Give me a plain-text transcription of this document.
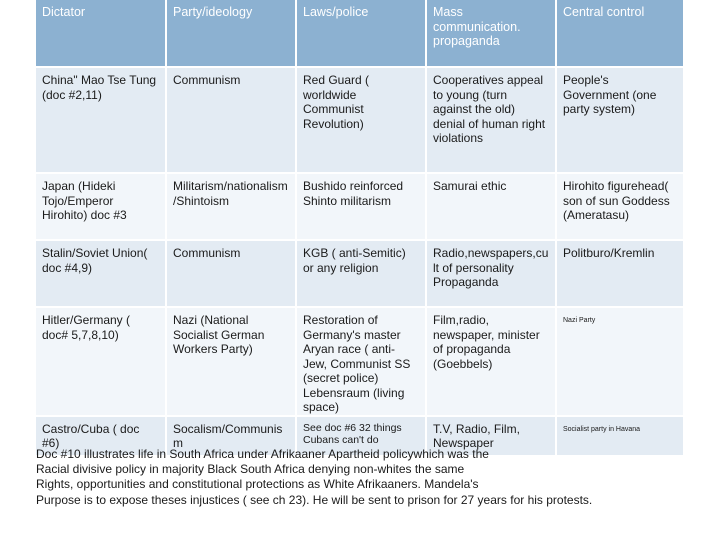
Dictator	Party/ideology	Laws/police	Mass communication. propaganda	Central control
China" Mao Tse Tung (doc #2,11)	Communism	Red Guard ( worldwide Communist Revolution)	Cooperatives appeal to young (turn against the old) denial of human right violations	People's Government (one party system)
Japan (Hideki Tojo/Emperor Hirohito) doc #3	Militarism/nationalism /Shintoism	Bushido reinforced Shinto militarism	Samurai ethic	Hirohito figurehead( son of sun Goddess (Ameratasu)
Stalin/Soviet Union( doc #4,9)	Communism	KGB ( anti-Semitic) or any religion	Radio,newspapers,cu lt of personality Propaganda	Politburo/Kremlin
Hitler/Germany ( doc# 5,7,8,10)	Nazi (National Socialist German Workers Party)	Restoration of Germany's master Aryan race ( anti-Jew, Communist SS (secret police) Lebensraum (living space)	Film,radio, newspaper, minister of propaganda (Goebbels)	Nazi Party
Castro/Cuba ( doc #6)	Socalism/Communis m	See doc #6 32 things Cubans can't do	T.V, Radio, Film, Newspaper	Socialist party in Havana
Doc #10 illustrates life in South Africa under Afrikaaner Apartheid policywhich was the
Racial divisive policy in majority Black South Africa denying non-whites the same
Rights, opportunities and constitutional protections as White Afrikaaners. Mandela's
Purpose is to expose theses injustices ( see ch 23). He will be sent to prison for 27 years for his protests.
